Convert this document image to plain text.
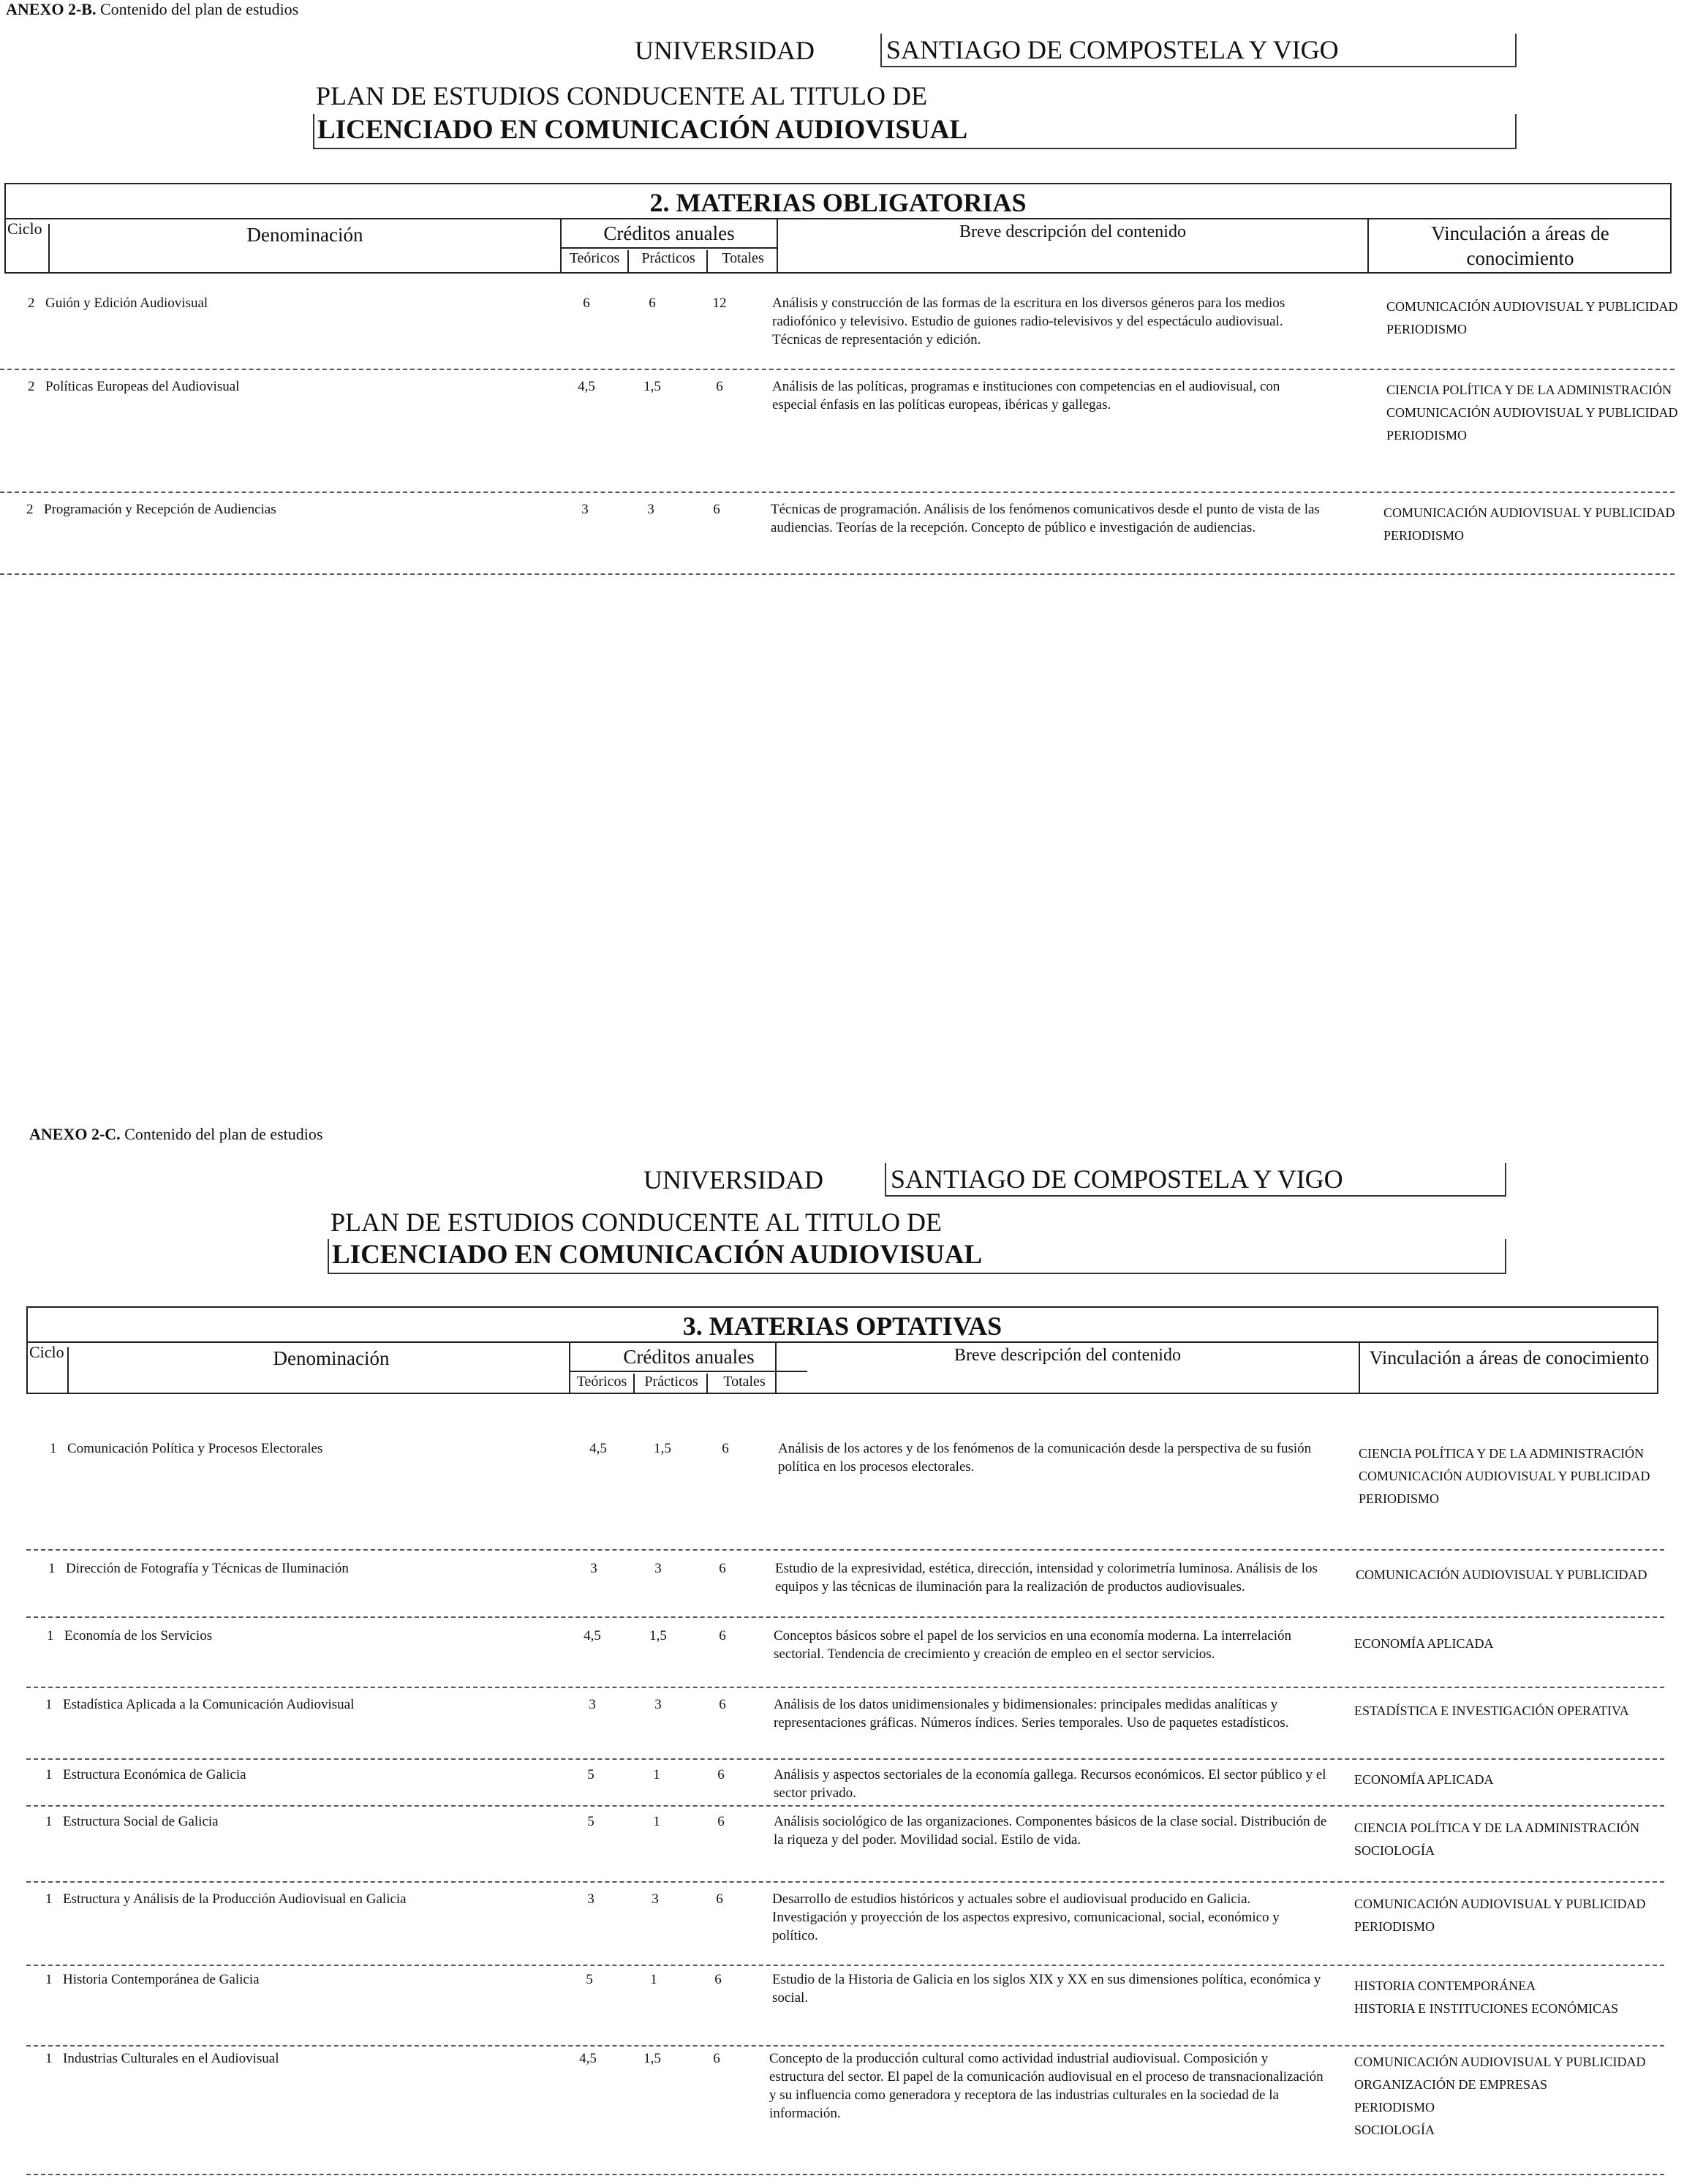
ANEXO 2-B. Contenido del plan de estudios
UNIVERSIDAD	SANTIAGO DE COMPOSTELA Y VIGO
PLAN DE ESTUDIOS CONDUCENTE AL TITULO DE
LICENCIADO EN COMUNICACIÓN AUDIOVISUAL
2. MATERIAS OBLIGATORIAS
Ciclo	Denominación	Créditos anuales
Teóricos	Prácticos	Totales
Breve descripción del contenido	Vinculación a áreas de
conocimiento
2 Guión y Edición Audiovisual	6	6	12	Análisis y construcción de las formas de la escritura en los diversos géneros para los medios radiofónico y televisivo. Estudio de guiones radio-televisivos y del espectáculo audiovisual. Técnicas de representación y edición.
COMUNICACIÓN AUDIOVISUAL Y PUBLICIDAD
PERIODISMO
2 Políticas Europeas del Audiovisual	4,5	1,5	6	Análisis de las políticas, programas e instituciones con competencias en el audiovisual, con especial énfasis en las políticas europeas, ibéricas y gallegas.
CIENCIA POLÍTICA Y DE LA ADMINISTRACIÓN
COMUNICACIÓN AUDIOVISUAL Y PUBLICIDAD
PERIODISMO
2 Programación y Recepción de Audiencias	3	3	6	Técnicas de programación. Análisis de los fenómenos comunicativos desde el punto de vista de las audiencias. Teorías de la recepción. Concepto de público e investigación de audiencias.
COMUNICACIÓN AUDIOVISUAL Y PUBLICIDAD
PERIODISMO
ANEXO 2-C. Contenido del plan de estudios
UNIVERSIDAD	SANTIAGO DE COMPOSTELA Y VIGO
PLAN DE ESTUDIOS CONDUCENTE AL TITULO DE
LICENCIADO EN COMUNICACIÓN AUDIOVISUAL
3. MATERIAS OPTATIVAS
Ciclo	Denominación	Créditos anuales
Teóricos	Prácticos	Totales
Breve descripción del contenido	Vinculación a áreas de conocimiento
1 Comunicación Política y Procesos Electorales	4,5	1,5	6	Análisis de los actores y de los fenómenos de la comunicación desde la perspectiva de su fusión política en los procesos electorales.
CIENCIA POLÍTICA Y DE LA ADMINISTRACIÓN
COMUNICACIÓN AUDIOVISUAL Y PUBLICIDAD
PERIODISMO
1 Dirección de Fotografía y Técnicas de Iluminación	3	3	6	Estudio de la expresividad, estética, dirección, intensidad y colorimetría luminosa. Análisis de los equipos y las técnicas de iluminación para la realización de productos audiovisuales.
COMUNICACIÓN AUDIOVISUAL Y PUBLICIDAD
1 Economía de los Servicios	4,5	1,5	6	Conceptos básicos sobre el papel de los servicios en una economía moderna. La interrelación sectorial. Tendencia de crecimiento y creación de empleo en el sector servicios.
ECONOMÍA APLICADA
1 Estadística Aplicada a la Comunicación Audiovisual	3	3	6	Análisis de los datos unidimensionales y bidimensionales: principales medidas analíticas y representaciones gráficas. Números índices. Series temporales. Uso de paquetes estadísticos.
ESTADÍSTICA E INVESTIGACIÓN OPERATIVA
1 Estructura Económica de Galicia	5	1	6	Análisis y aspectos sectoriales de la economía gallega. Recursos económicos. El sector público y el sector privado.
ECONOMÍA APLICADA
1 Estructura Social de Galicia	5	1	6	Análisis sociológico de las organizaciones. Componentes básicos de la clase social. Distribución de la riqueza y del poder. Movilidad social. Estilo de vida.
CIENCIA POLÍTICA Y DE LA ADMINISTRACIÓN
SOCIOLOGÍA
1 Estructura y Análisis de la Producción Audiovisual en Galicia	3	3	6	Desarrollo de estudios históricos y actuales sobre el audiovisual producido en Galicia. Investigación y proyección de los aspectos expresivo, comunicacional, social, económico y político.
COMUNICACIÓN AUDIOVISUAL Y PUBLICIDAD
PERIODISMO
1 Historia Contemporánea de Galicia	5	1	6	Estudio de la Historia de Galicia en los siglos XIX y XX en sus dimensiones política, económica y social.
HISTORIA CONTEMPORÁNEA
HISTORIA E INSTITUCIONES ECONÓMICAS
1 Industrias Culturales en el Audiovisual	4,5	1,5	6	Concepto de la producción cultural como actividad industrial audiovisual. Composición y estructura del sector. El papel de la comunicación audiovisual en el proceso de transnacionalización y su influencia como generadora y receptora de las industrias culturales en la sociedad de la información.
COMUNICACIÓN AUDIOVISUAL Y PUBLICIDAD
ORGANIZACIÓN DE EMPRESAS
PERIODISMO
SOCIOLOGÍA
